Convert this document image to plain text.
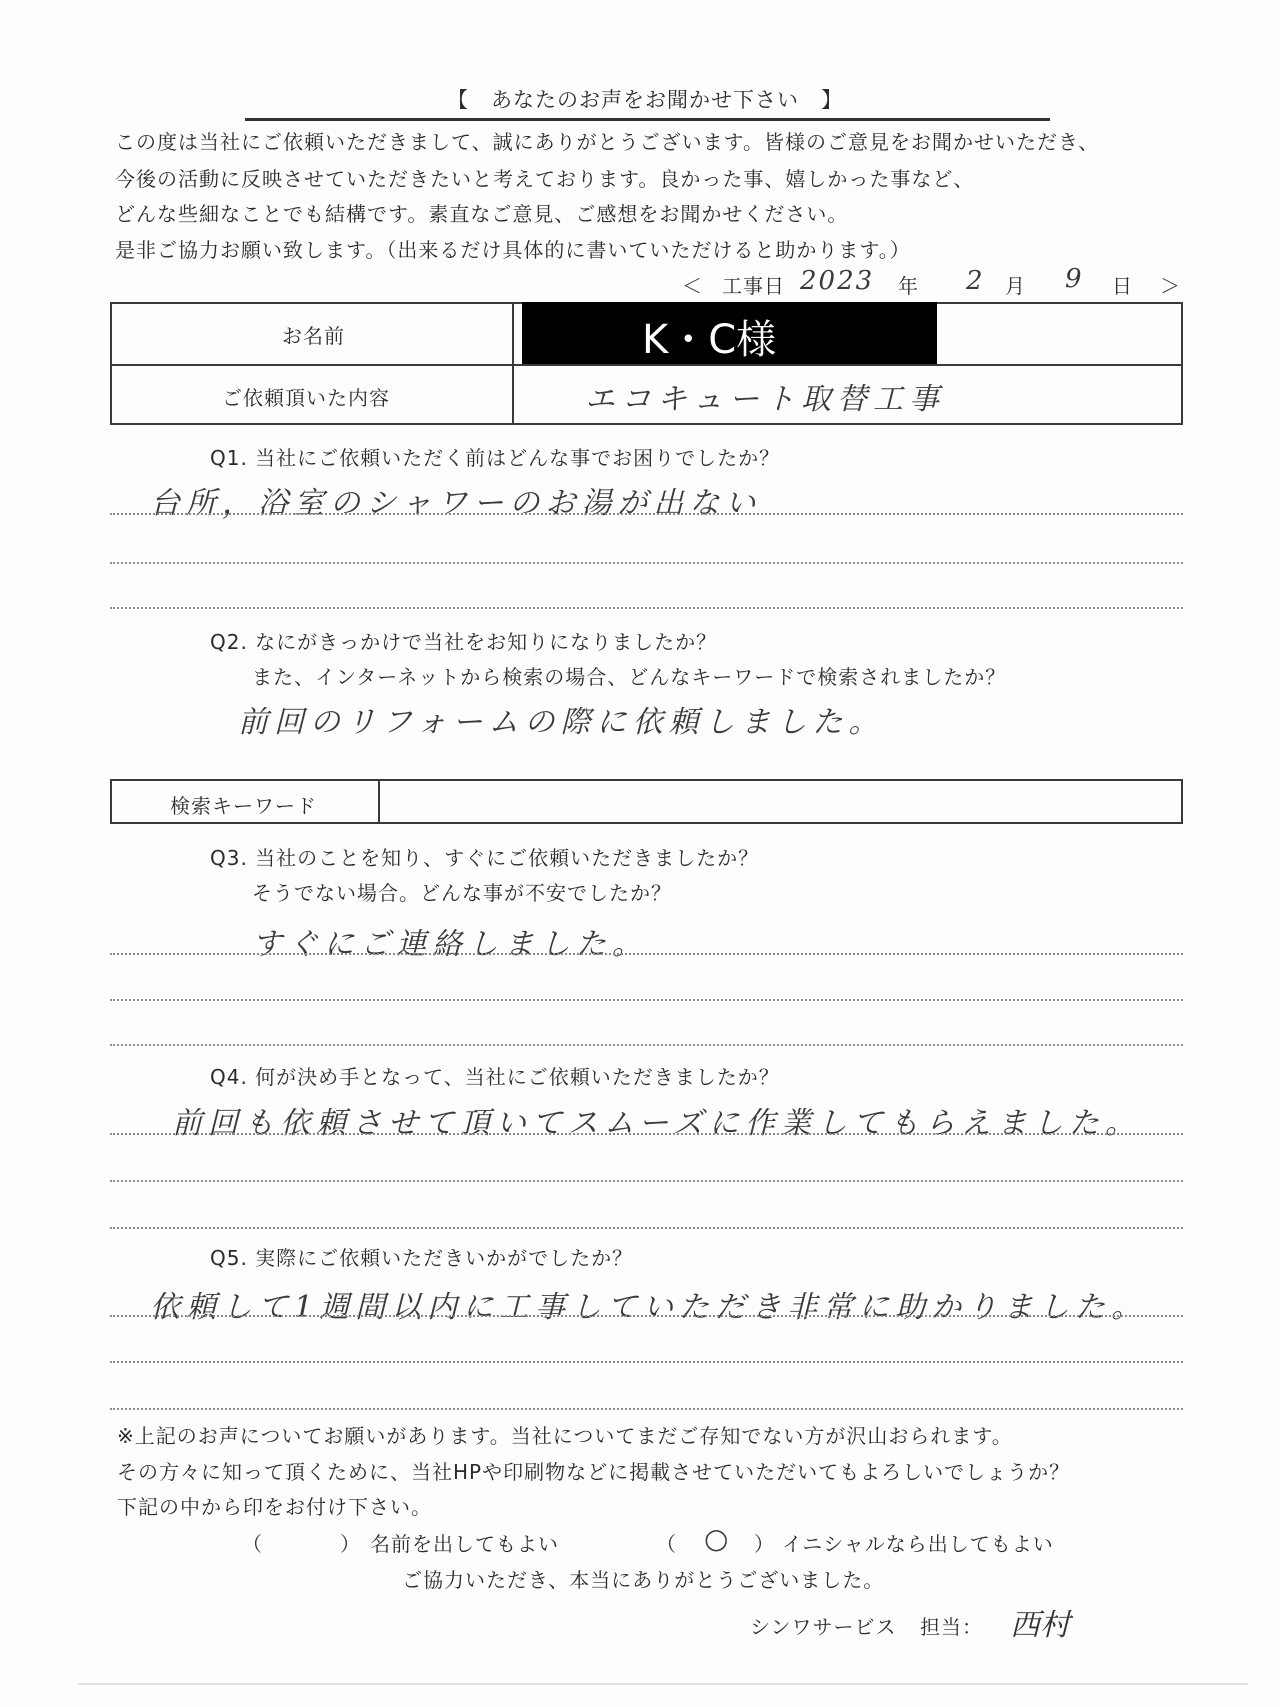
【　あなたのお声をお聞かせ下さい　】
この度は当社にご依頼いただきまして、誠にありがとうございます。皆様のご意見をお聞かせいただき、
今後の活動に反映させていただきたいと考えております。良かった事、嬉しかった事など、
どんな些細なことでも結構です。素直なご意見、ご感想をお聞かせください。
是非ご協力お願い致します。（出来るだけ具体的に書いていただけると助かります。）
＜ 工事日 2023 年 2 月 9 日 ＞
お名前	K・C様
ご依頼頂いた内容	エコキュート取替工事
Q1. 当社にご依頼いただく前はどんな事でお困りでしたか？
台所，浴室のシャワーのお湯が出ない
Q2. なにがきっかけで当社をお知りになりましたか？
また、インターネットから検索の場合、どんなキーワードで検索されましたか？
前回のリフォームの際に依頼しました。
検索キーワード
Q3. 当社のことを知り、すぐにご依頼いただきましたか？
そうでない場合。どんな事が不安でしたか？
すぐにご連絡しました。
Q4. 何が決め手となって、当社にご依頼いただきましたか？
前回も依頼させて頂いてスムーズに作業してもらえました。
Q5. 実際にご依頼いただきいかがでしたか？
依頼して1週間以内に工事していただき非常に助かりました。
※上記のお声についてお願いがあります。当社についてまだご存知でない方が沢山おられます。
その方々に知って頂くために、当社HPや印刷物などに掲載させていただいてもよろしいでしょうか？
下記の中から印をお付け下さい。
（	） 名前を出してもよい	（ ○ ） イニシャルなら出してもよい
ご協力いただき、本当にありがとうございました。
シンワサービス 担当： 西村
